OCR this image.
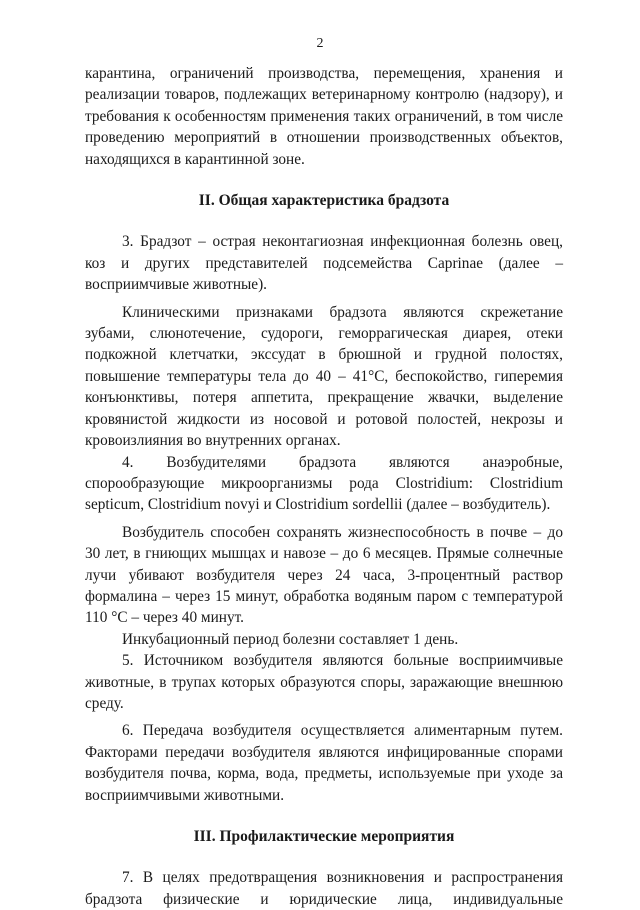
2

карантина, ограничений производства, перемещения, хранения и реализации товаров, подлежащих ветеринарному контролю (надзору), и требования к особенностям применения таких ограничений, в том числе проведению мероприятий в отношении производственных объектов, находящихся в карантинной зоне.

II. Общая характеристика брадзота

3. Брадзот – острая неконтагиозная инфекционная болезнь овец, коз и других представителей подсемейства Caprinae (далее – восприимчивые животные).

Клиническими признаками брадзота являются скрежетание зубами, слюнотечение, судороги, геморрагическая диарея, отеки подкожной клетчатки, экссудат в брюшной и грудной полостях, повышение температуры тела до 40 – 41°С, беспокойство, гиперемия конъюнктивы, потеря аппетита, прекращение жвачки, выделение кровянистой жидкости из носовой и ротовой полостей, некрозы и кровоизлияния во внутренних органах.

4. Возбудителями брадзота являются анаэробные, спорообразующие микроорганизмы рода Clostridium: Clostridium septicum, Clostridium novyi и Clostridium sordellii (далее – возбудитель).

Возбудитель способен сохранять жизнеспособность в почве – до 30 лет, в гниющих мышцах и навозе – до 6 месяцев. Прямые солнечные лучи убивают возбудителя через 24 часа, 3-процентный раствор формалина – через 15 минут, обработка водяным паром с температурой 110 °С – через 40 минут.

Инкубационный период болезни составляет 1 день.

5. Источником возбудителя являются больные восприимчивые животные, в трупах которых образуются споры, заражающие внешнюю среду.

6. Передача возбудителя осуществляется алиментарным путем. Факторами передачи возбудителя являются инфицированные спорами возбудителя почва, корма, вода, предметы, используемые при уходе за восприимчивыми животными.

III. Профилактические мероприятия

7. В целях предотвращения возникновения и распространения брадзота физические и юридические лица, индивидуальные
